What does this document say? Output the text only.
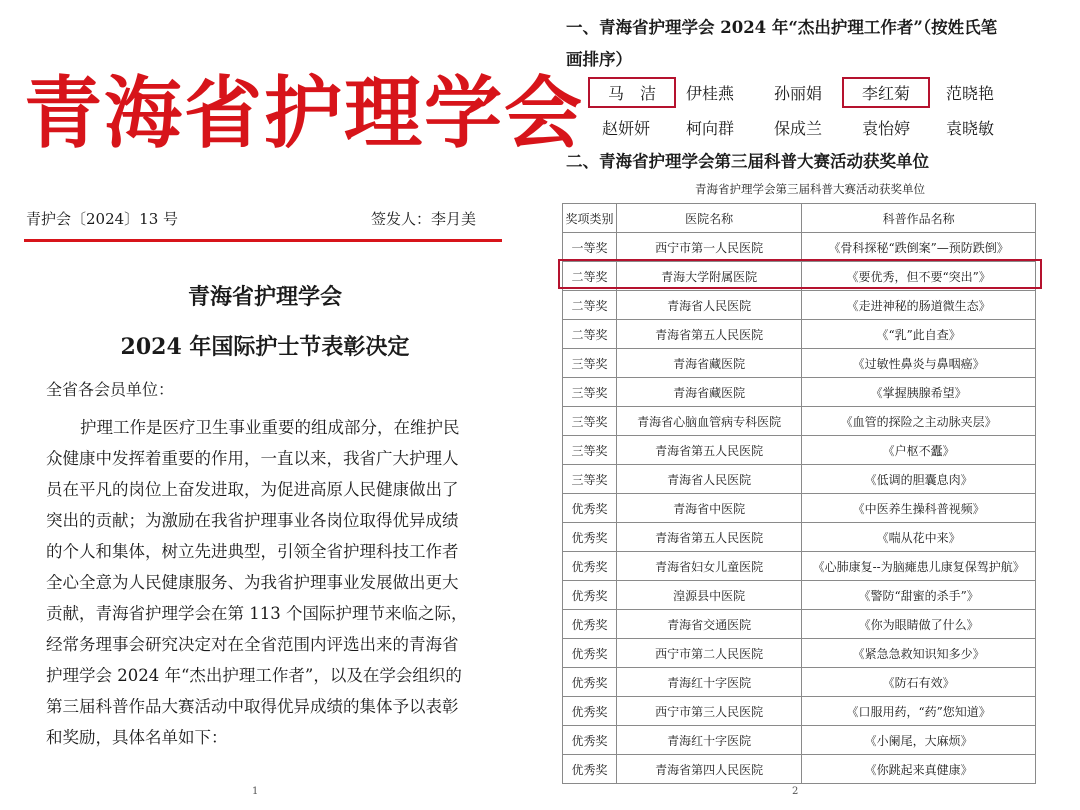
青海省护理学会
青护会〔2024〕13 号	签发人：李月美
青海省护理学会
2024 年国际护士节表彰决定
全省各会员单位：
护理工作是医疗卫生事业重要的组成部分，在维护民
众健康中发挥着重要的作用，一直以来，我省广大护理人
员在平凡的岗位上奋发进取，为促进高原人民健康做出了
突出的贡献；为激励在我省护理事业各岗位取得优异成绩
的个人和集体，树立先进典型，引领全省护理科技工作者
全心全意为人民健康服务、为我省护理事业发展做出更大
贡献，青海省护理学会在第 113 个国际护理节来临之际，
经常务理事会研究决定对在全省范围内评选出来的青海省
护理学会 2024 年“杰出护理工作者”，以及在学会组织的
第三届科普作品大赛活动中取得优异成绩的集体予以表彰
和奖励，具体名单如下：
1
一、青海省护理学会 2024 年“杰出护理工作者”（按姓氏笔
画排序）
马　洁	伊桂燕	孙丽娟	李红菊	范晓艳
赵妍妍	柯向群	保成兰	袁怡婷	袁晓敏
二、青海省护理学会第三届科普大赛活动获奖单位
青海省护理学会第三届科普大赛活动获奖单位
奖项类别	医院名称	科普作品名称
一等奖	西宁市第一人民医院	《骨科探秘“跌倒案”—预防跌倒》
二等奖	青海大学附属医院	《要优秀，但不要“突出”》
二等奖	青海省人民医院	《走进神秘的肠道微生态》
二等奖	青海省第五人民医院	《“乳”此自查》
三等奖	青海省藏医院	《过敏性鼻炎与鼻咽癌》
三等奖	青海省藏医院	《掌握胰腺希望》
三等奖	青海省心脑血管病专科医院	《血管的探险之主动脉夹层》
三等奖	青海省第五人民医院	《户枢不蠹》
三等奖	青海省人民医院	《低调的胆囊息肉》
优秀奖	青海省中医院	《中医养生操科普视频》
优秀奖	青海省第五人民医院	《喘从花中来》
优秀奖	青海省妇女儿童医院	《心肺康复--为脑瘫患儿康复保驾护航》
优秀奖	湟源县中医院	《警防“甜蜜的杀手”》
优秀奖	青海省交通医院	《你为眼睛做了什么》
优秀奖	西宁市第二人民医院	《紧急急救知识知多少》
优秀奖	青海红十字医院	《防石有效》
优秀奖	西宁市第三人民医院	《口服用药，“药”您知道》
优秀奖	青海红十字医院	《小阑尾，大麻烦》
优秀奖	青海省第四人民医院	《你跳起来真健康》
2
